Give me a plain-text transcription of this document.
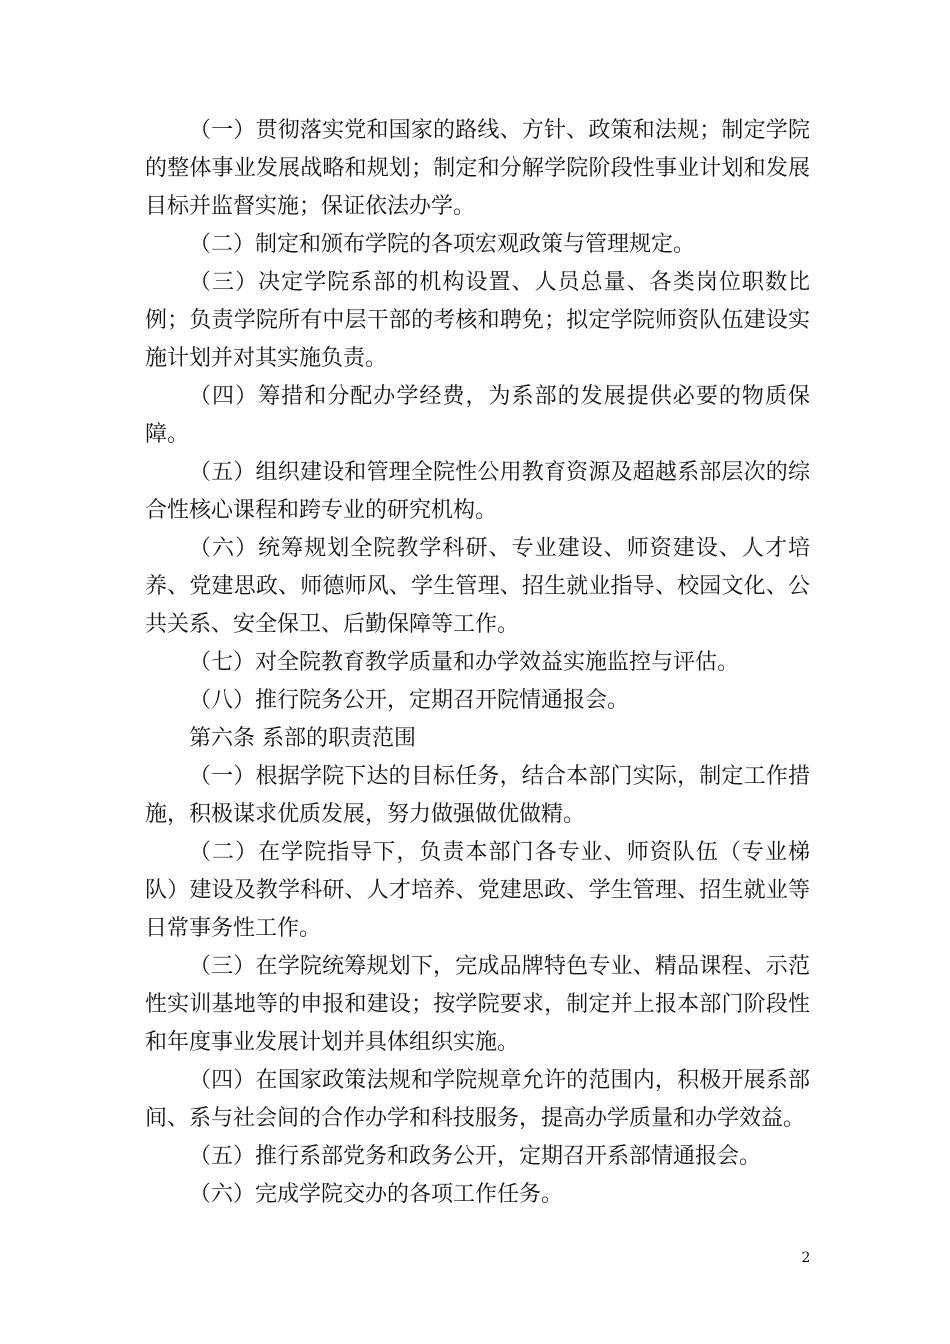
（一）贯彻落实党和国家的路线、方针、政策和法规；制定学院的整体事业发展战略和规划；制定和分解学院阶段性事业计划和发展目标并监督实施；保证依法办学。

（二）制定和颁布学院的各项宏观政策与管理规定。

（三）决定学院系部的机构设置、人员总量、各类岗位职数比例；负责学院所有中层干部的考核和聘免；拟定学院师资队伍建设实施计划并对其实施负责。

（四）筹措和分配办学经费，为系部的发展提供必要的物质保障。

（五）组织建设和管理全院性公用教育资源及超越系部层次的综合性核心课程和跨专业的研究机构。

（六）统筹规划全院教学科研、专业建设、师资建设、人才培养、党建思政、师德师风、学生管理、招生就业指导、校园文化、公共关系、安全保卫、后勤保障等工作。

（七）对全院教育教学质量和办学效益实施监控与评估。

（八）推行院务公开，定期召开院情通报会。

第六条 系部的职责范围

（一）根据学院下达的目标任务，结合本部门实际，制定工作措施，积极谋求优质发展，努力做强做优做精。

（二）在学院指导下，负责本部门各专业、师资队伍（专业梯队）建设及教学科研、人才培养、党建思政、学生管理、招生就业等日常事务性工作。

（三）在学院统筹规划下，完成品牌特色专业、精品课程、示范性实训基地等的申报和建设；按学院要求，制定并上报本部门阶段性和年度事业发展计划并具体组织实施。

（四）在国家政策法规和学院规章允许的范围内，积极开展系部间、系与社会间的合作办学和科技服务，提高办学质量和办学效益。

（五）推行系部党务和政务公开，定期召开系部情通报会。

（六）完成学院交办的各项工作任务。

2
